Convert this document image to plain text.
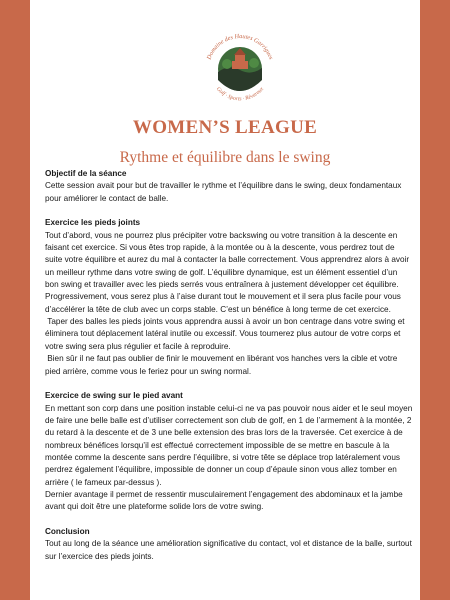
Domaine des Hautes Garrigues
Golf · Sports · Rêvaroux
WOMEN’S LEAGUE
Rythme et équilibre dans le swing
Objectif de la séance

Cette session avait pour but de travailler le rythme et l’équilibre dans le swing, deux fondamentaux pour améliorer le contact de balle.

Exercice les pieds joints

Tout d’abord, vous ne pourrez plus précipiter votre backswing ou votre transition à la descente en faisant cet exercice. Si vous êtes trop rapide, à la montée ou à la descente, vous perdrez tout de suite votre équilibre et aurez du mal à contacter la balle correctement. Vous apprendrez alors à avoir un meilleur rythme dans votre swing de golf. L’équilibre dynamique, est un élément essentiel d’un bon swing et travailler avec les pieds serrés vous entraînera à justement développer cet équilibre. Progressivement, vous serez plus à l’aise durant tout le mouvement et il sera plus facile pour vous d’accélérer la tête de club avec un corps stable. C’est un bénéfice à long terme de cet exercice.

Taper des balles les pieds joints vous apprendra aussi à avoir un bon centrage dans votre swing et éliminera tout déplacement latéral inutile ou excessif. Vous tournerez plus autour de votre corps et votre swing sera plus régulier et facile à reproduire.

Bien sûr il ne faut pas oublier de finir le mouvement en libérant vos hanches vers la cible et votre pied arrière, comme vous le feriez pour un swing normal.

Exercice de swing sur le pied avant

En mettant son corp dans une position instable celui-ci ne va pas pouvoir nous aider et le seul moyen de faire une belle balle est d’utiliser correctement son club de golf, en 1 de l’armement à la montée, 2 du retard à la descente et de 3 une belle extension des bras lors de la traversée. Cet exercice à de nombreux bénéfices lorsqu’il est effectué correctement impossible de se mettre en bascule à la montée comme la descente sans perdre l’équilibre, si votre tête se déplace trop latéralement vous perdrez également l’équilibre, impossible de donner un coup d’épaule sinon vous allez tomber en arrière ( le fameux par-dessus ).

Dernier avantage il permet de ressentir musculairement l’engagement des abdominaux et la jambe avant qui doit être une plateforme solide lors de votre swing.

Conclusion

Tout au long de la séance une amélioration significative du contact, vol et distance de la balle, surtout sur l’exercice des pieds joints.
